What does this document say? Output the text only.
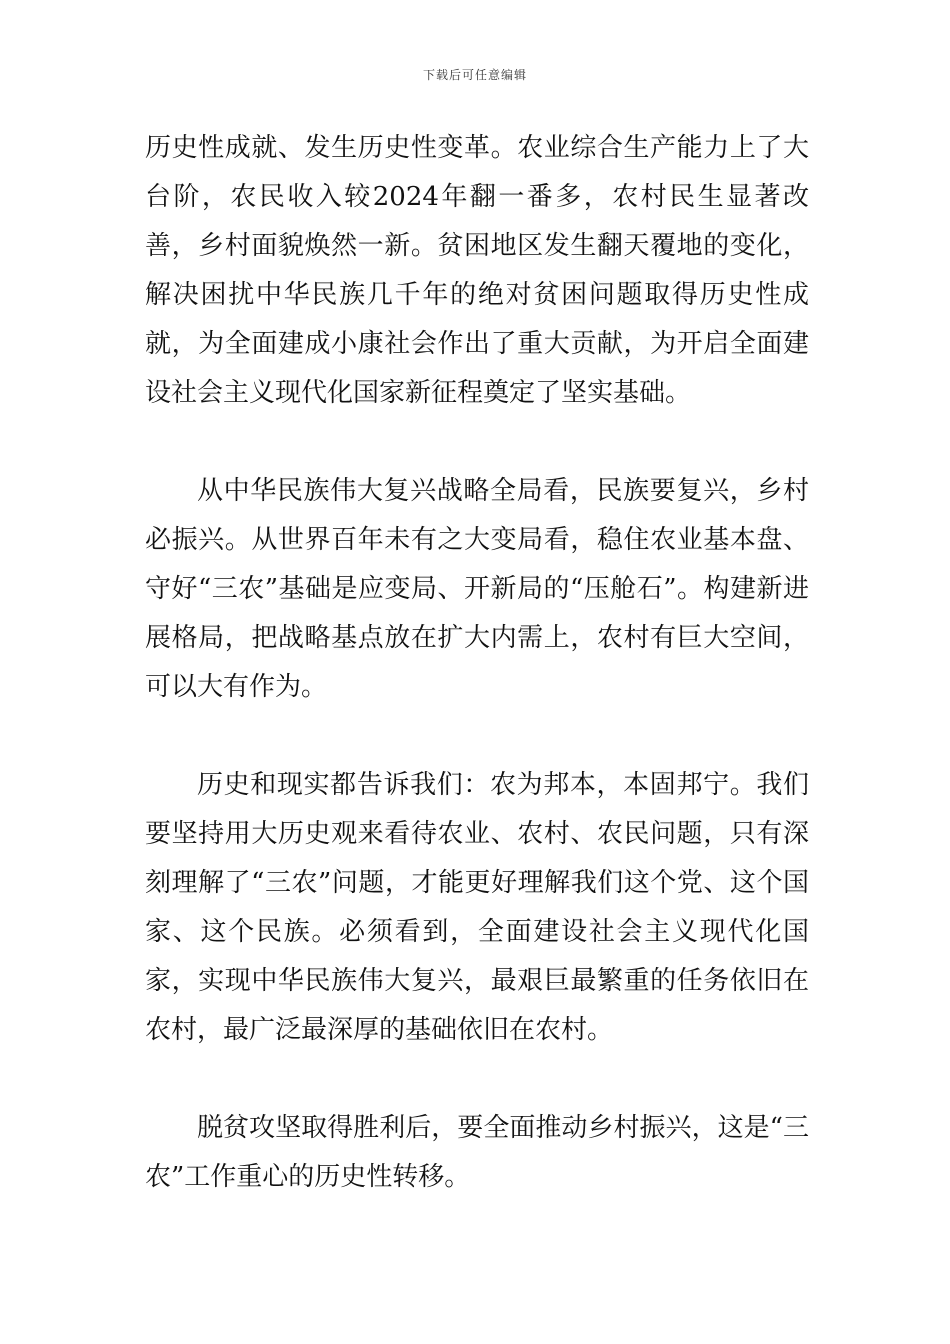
下载后可任意编辑

历史性成就、发生历史性变革。农业综合生产能力上了大台阶，农民收入较2024年翻一番多，农村民生显著改善，乡村面貌焕然一新。贫困地区发生翻天覆地的变化，解决困扰中华民族几千年的绝对贫困问题取得历史性成就，为全面建成小康社会作出了重大贡献，为开启全面建设社会主义现代化国家新征程奠定了坚实基础。

从中华民族伟大复兴战略全局看，民族要复兴，乡村必振兴。从世界百年未有之大变局看，稳住农业基本盘、守好“三农”基础是应变局、开新局的“压舱石”。构建新进展格局，把战略基点放在扩大内需上，农村有巨大空间，可以大有作为。

历史和现实都告诉我们：农为邦本，本固邦宁。我们要坚持用大历史观来看待农业、农村、农民问题，只有深刻理解了“三农”问题，才能更好理解我们这个党、这个国家、这个民族。必须看到，全面建设社会主义现代化国家，实现中华民族伟大复兴，最艰巨最繁重的任务依旧在农村，最广泛最深厚的基础依旧在农村。

脱贫攻坚取得胜利后，要全面推动乡村振兴，这是“三农”工作重心的历史性转移。
